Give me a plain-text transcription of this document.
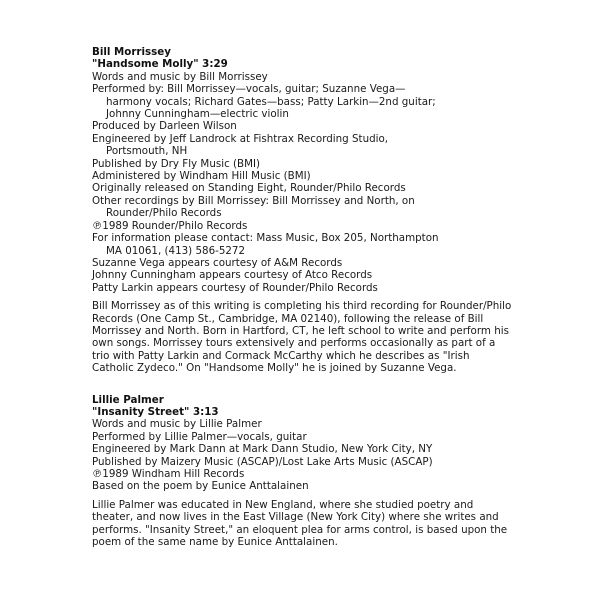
Bill Morrissey
"Handsome Molly" 3:29
Words and music by Bill Morrissey
Performed by: Bill Morrissey—vocals, guitar; Suzanne Vega—
harmony vocals; Richard Gates—bass; Patty Larkin—2nd guitar;
Johnny Cunningham—electric violin
Produced by Darleen Wilson
Engineered by Jeff Landrock at Fishtrax Recording Studio,
Portsmouth, NH
Published by Dry Fly Music (BMI)
Administered by Windham Hill Music (BMI)
Originally released on Standing Eight, Rounder/Philo Records
Other recordings by Bill Morrissey: Bill Morrissey and North, on
Rounder/Philo Records
℗1989 Rounder/Philo Records
For information please contact: Mass Music, Box 205, Northampton
MA 01061, (413) 586-5272
Suzanne Vega appears courtesy of A&M Records
Johnny Cunningham appears courtesy of Atco Records
Patty Larkin appears courtesy of Rounder/Philo Records
Bill Morrissey as of this writing is completing his third recording for Rounder/Philo Records (One Camp St., Cambridge, MA 02140), following the release of Bill Morrissey and North. Born in Hartford, CT, he left school to write and perform his own songs. Morrissey tours extensively and performs occasionally as part of a trio with Patty Larkin and Cormack McCarthy which he describes as "Irish Catholic Zydeco." On "Handsome Molly" he is joined by Suzanne Vega.
Lillie Palmer
"Insanity Street" 3:13
Words and music by Lillie Palmer
Performed by Lillie Palmer—vocals, guitar
Engineered by Mark Dann at Mark Dann Studio, New York City, NY
Published by Maizery Music (ASCAP)/Lost Lake Arts Music (ASCAP)
℗1989 Windham Hill Records
Based on the poem by Eunice Anttalainen
Lillie Palmer was educated in New England, where she studied poetry and theater, and now lives in the East Village (New York City) where she writes and performs. "Insanity Street," an eloquent plea for arms control, is based upon the poem of the same name by Eunice Anttalainen.
